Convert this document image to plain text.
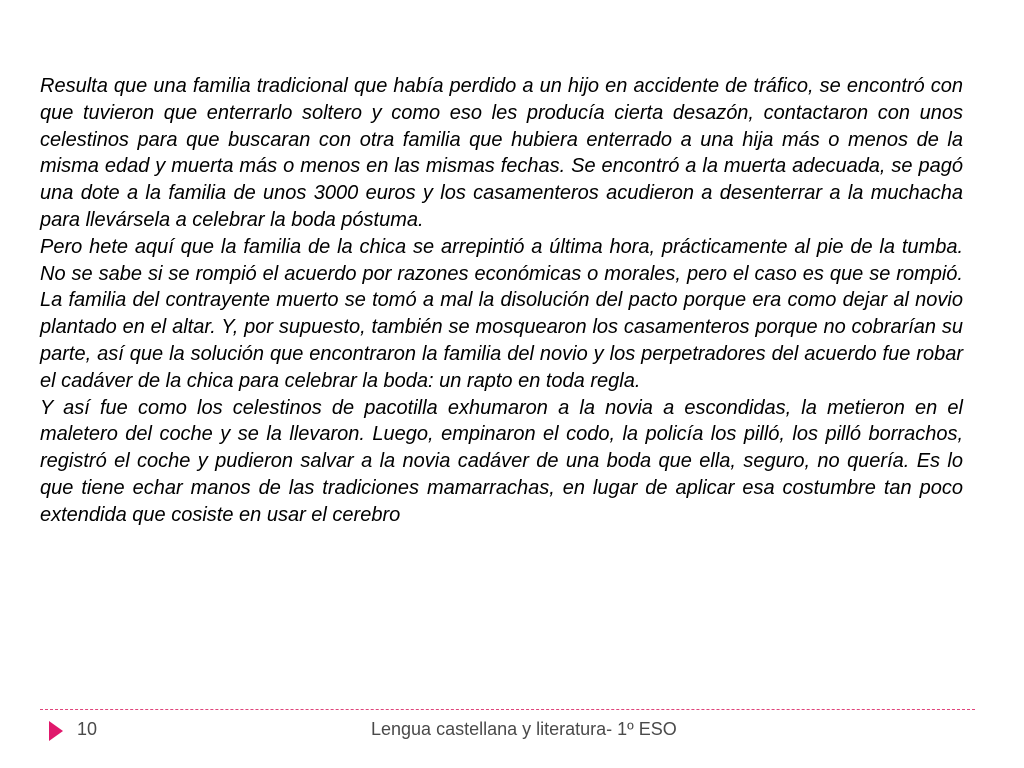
Resulta que una familia tradicional que había perdido a un hijo en accidente de tráfico, se encontró con que tuvieron que enterrarlo soltero y como eso les producía cierta desazón, contactaron con unos celestinos para que buscaran con otra familia que hubiera enterrado a una hija más o menos de la misma edad y muerta más o menos en las mismas fechas. Se encontró a la muerta adecuada, se pagó una dote a la familia de unos 3000 euros y los casamenteros acudieron a desenterrar a la muchacha para llevársela a celebrar la boda póstuma.

Pero hete aquí que la familia de la chica se arrepintió a última hora, prácticamente al pie de la tumba. No se sabe si se rompió el acuerdo por razones económicas o morales, pero el caso es que se rompió. La familia del contrayente muerto se tomó a mal la disolución del pacto porque era como dejar al novio plantado en el altar. Y, por supuesto, también se mosquearon los casamenteros porque no cobrarían su parte, así que la solución que encontraron la familia del novio y los perpetradores del acuerdo fue robar el cadáver de la chica para celebrar la boda: un rapto en toda regla.

Y así fue como los celestinos de pacotilla exhumaron a la novia a escondidas, la metieron en el maletero del coche y se la llevaron. Luego, empinaron el codo, la policía los pilló, los pilló borrachos, registró el coche y pudieron salvar a la novia cadáver de una boda que ella, seguro, no quería. Es lo que tiene echar manos de las tradiciones mamarrachas, en lugar de aplicar esa costumbre tan poco extendida que cosiste en usar el cerebro

10	Lengua castellana y literatura- 1º ESO
